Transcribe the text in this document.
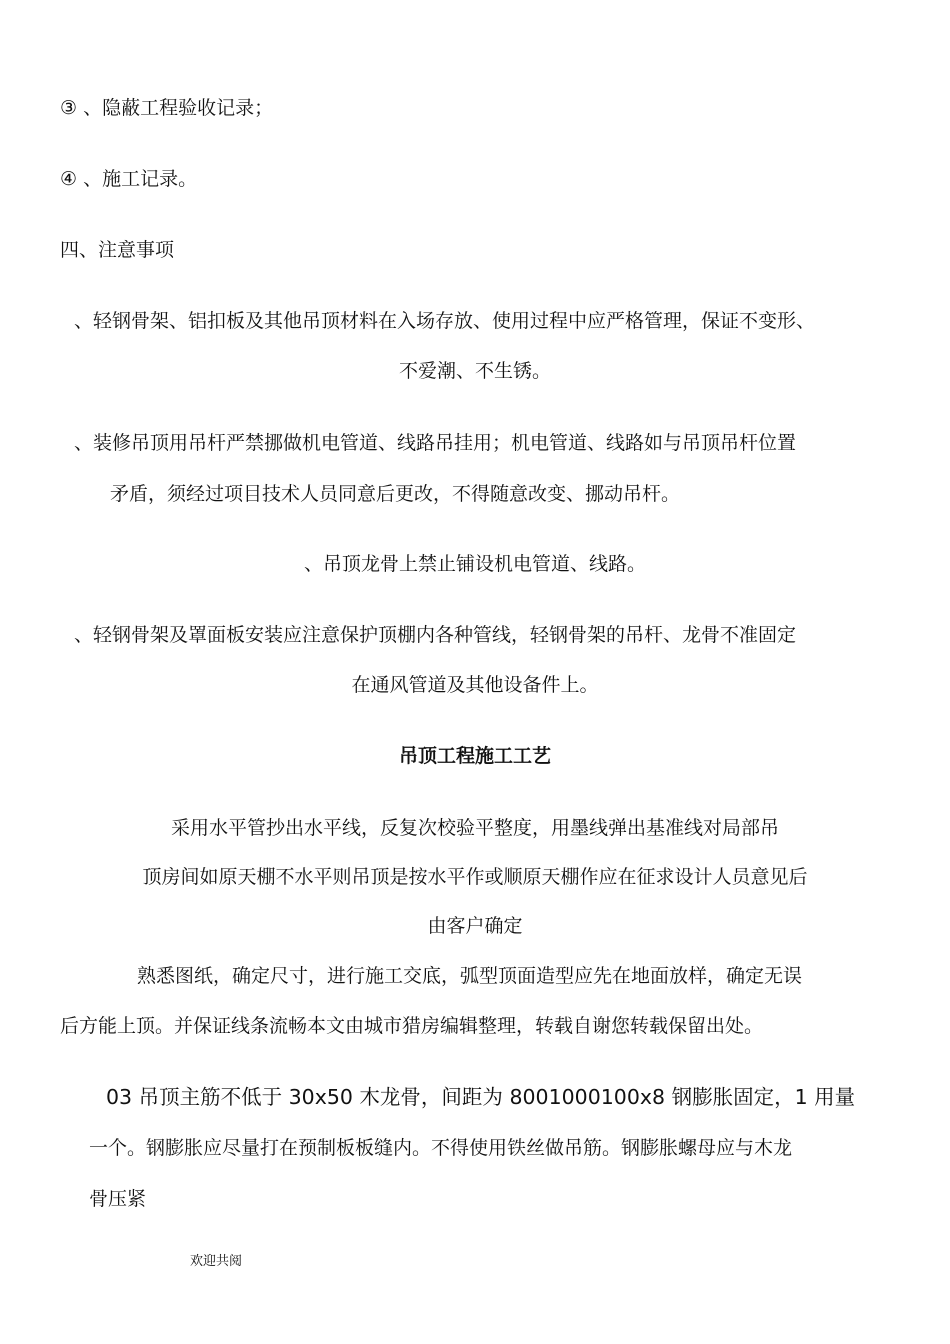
③ 、隐蔽工程验收记录；
④ 、施工记录。
四、注意事项
、轻钢骨架、铝扣板及其他吊顶材料在入场存放、使用过程中应严格管理，保证不变形、
不爱潮、不生锈。
、装修吊顶用吊杆严禁挪做机电管道、线路吊挂用；机电管道、线路如与吊顶吊杆位置
矛盾，须经过项目技术人员同意后更改，不得随意改变、挪动吊杆。
、吊顶龙骨上禁止铺设机电管道、线路。
、轻钢骨架及罩面板安装应注意保护顶棚内各种管线，轻钢骨架的吊杆、龙骨不准固定
在通风管道及其他设备件上。
吊顶工程施工工艺
采用水平管抄出水平线，反复次校验平整度，用墨线弹出基准线对局部吊
顶房间如原天棚不水平则吊顶是按水平作或顺原天棚作应在征求设计人员意见后
由客户确定
熟悉图纸，确定尺寸，进行施工交底，弧型顶面造型应先在地面放样，确定无误
后方能上顶。并保证线条流畅本文由城市猎房编辑整理，转载自谢您转载保留出处。
03 吊顶主筋不低于 30x50 木龙骨，间距为 8001000100x8 钢膨胀固定，1 用量
一个。钢膨胀应尽量打在预制板板缝内。不得使用铁丝做吊筋。钢膨胀螺母应与木龙
骨压紧
欢迎共阅
